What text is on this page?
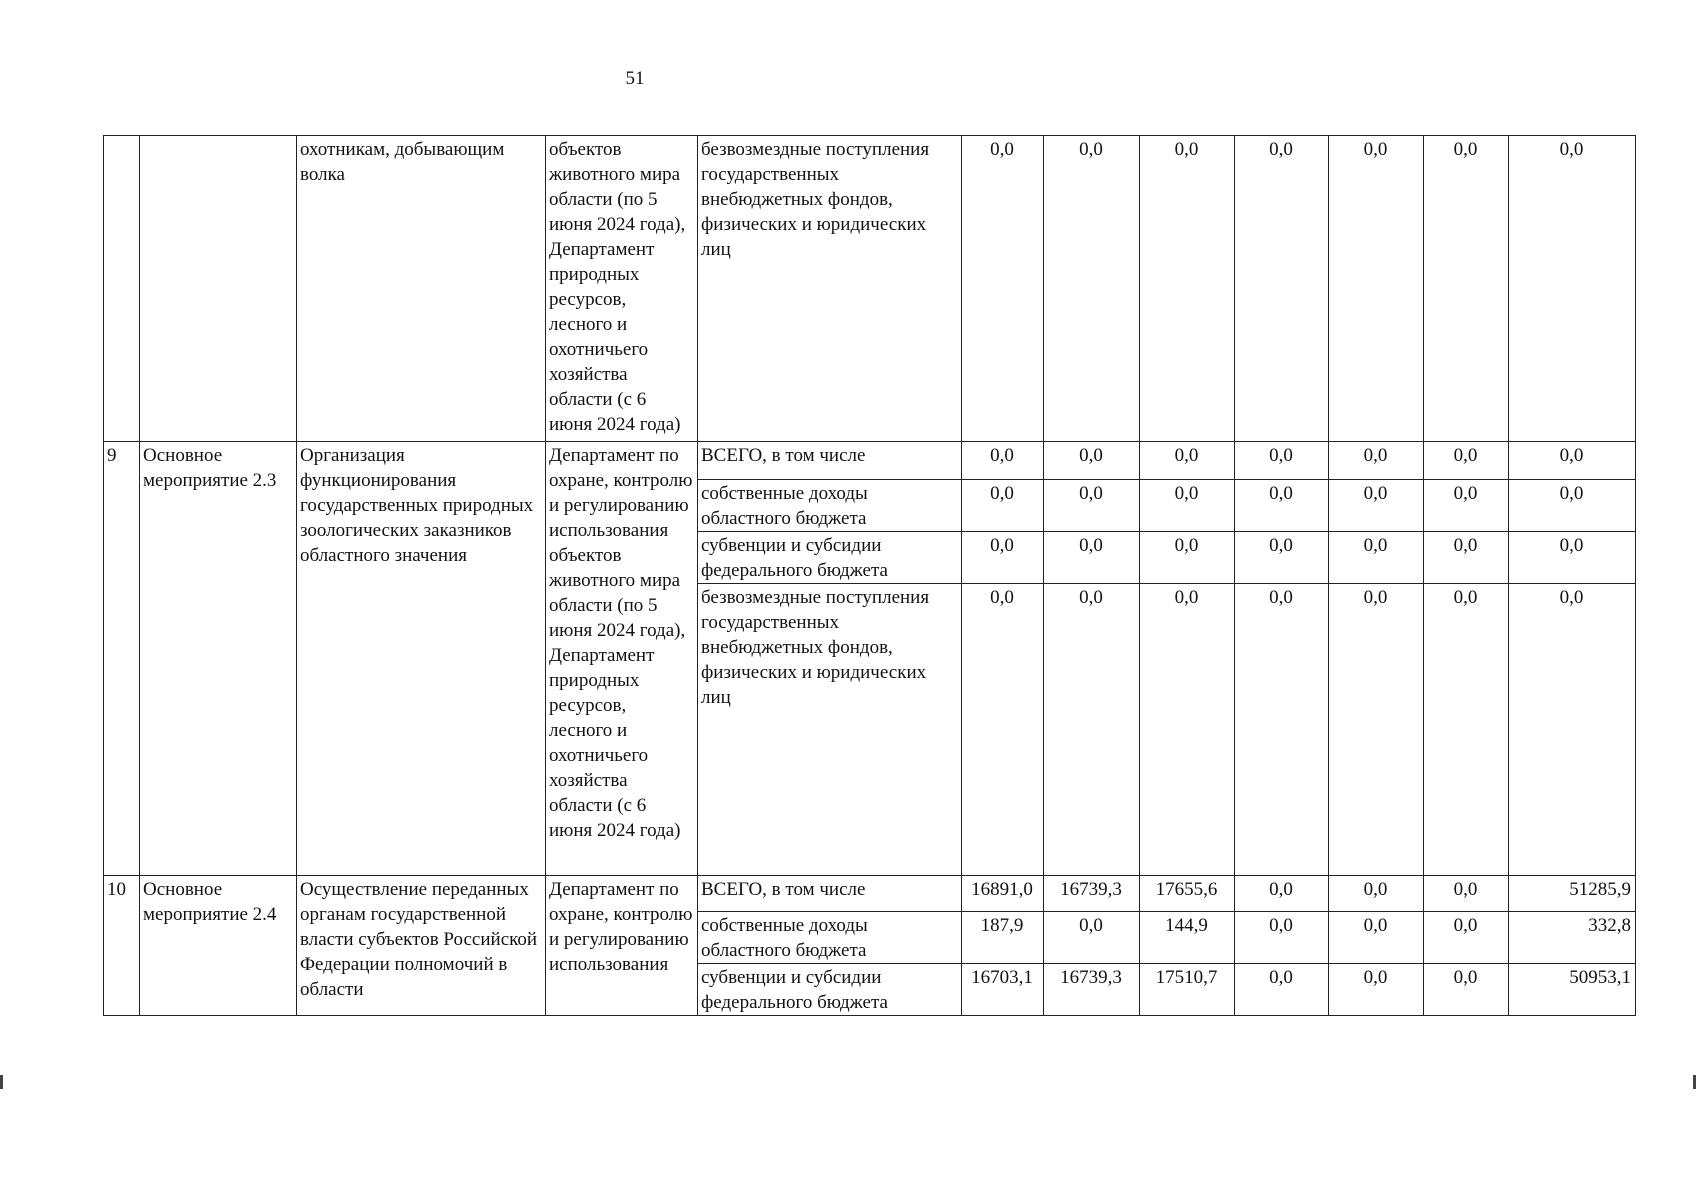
51
		охотникам, добывающим волка	объектов животного мира области (по 5 июня 2024 года), Департамент природных ресурсов, лесного и охотничьего хозяйства области (с 6 июня 2024 года)	безвозмездные поступления государственных внебюджетных фондов, физических и юридических лиц	0,0	0,0	0,0	0,0	0,0	0,0	0,0
9	Основное мероприятие 2.3	Организация функционирования государственных природных зоологических заказников областного значения	Департамент по охране, контролю и регулированию использования объектов животного мира области (по 5 июня 2024 года), Департамент природных ресурсов, лесного и охотничьего хозяйства области (с 6 июня 2024 года)	ВСЕГО, в том числе	0,0	0,0	0,0	0,0	0,0	0,0	0,0
				собственные доходы областного бюджета	0,0	0,0	0,0	0,0	0,0	0,0	0,0
				субвенции и субсидии федерального бюджета	0,0	0,0	0,0	0,0	0,0	0,0	0,0
				безвозмездные поступления государственных внебюджетных фондов, физических и юридических лиц	0,0	0,0	0,0	0,0	0,0	0,0	0,0
10	Основное мероприятие 2.4	Осуществление переданных органам государственной власти субъектов Российской Федерации полномочий в области	Департамент по охране, контролю и регулированию использования	ВСЕГО, в том числе	16891,0	16739,3	17655,6	0,0	0,0	0,0	51285,9
				собственные доходы областного бюджета	187,9	0,0	144,9	0,0	0,0	0,0	332,8
				субвенции и субсидии федерального бюджета	16703,1	16739,3	17510,7	0,0	0,0	0,0	50953,1
